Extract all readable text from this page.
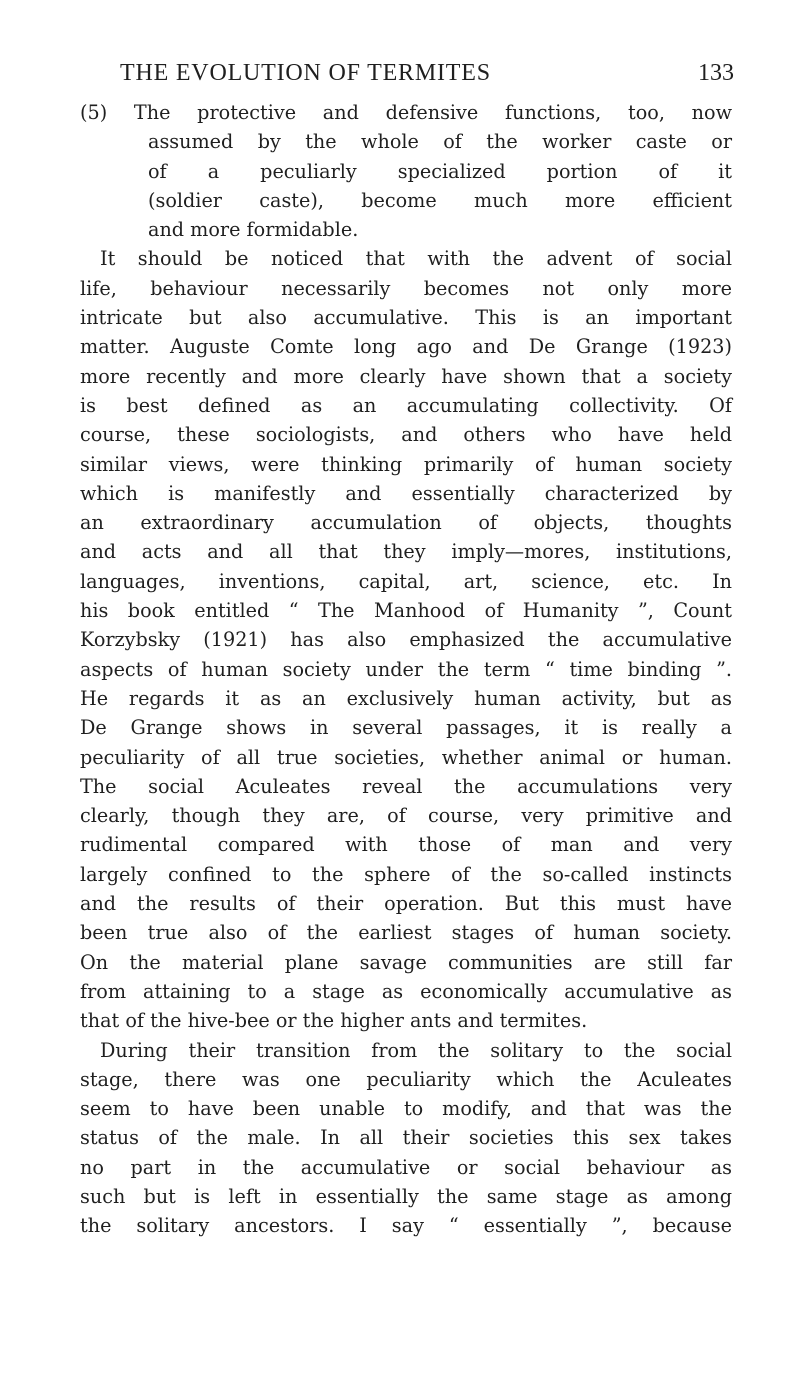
THE EVOLUTION OF TERMITES	133
(5) The protective and defensive functions, too, now
assumed by the whole of the worker caste or
of a peculiarly specialized portion of it
(soldier caste), become much more efficient
and more formidable.
It should be noticed that with the advent of social
life, behaviour necessarily becomes not only more
intricate but also accumulative. This is an important
matter. Auguste Comte long ago and De Grange (1923)
more recently and more clearly have shown that a society
is best defined as an accumulating collectivity. Of
course, these sociologists, and others who have held
similar views, were thinking primarily of human society
which is manifestly and essentially characterized by
an extraordinary accumulation of objects, thoughts
and acts and all that they imply—mores, institutions,
languages, inventions, capital, art, science, etc. In
his book entitled “ The Manhood of Humanity ”, Count
Korzybsky (1921) has also emphasized the accumulative
aspects of human society under the term “ time binding ”.
He regards it as an exclusively human activity, but as
De Grange shows in several passages, it is really a
peculiarity of all true societies, whether animal or human.
The social Aculeates reveal the accumulations very
clearly, though they are, of course, very primitive and
rudimental compared with those of man and very
largely confined to the sphere of the so-called instincts
and the results of their operation. But this must have
been true also of the earliest stages of human society.
On the material plane savage communities are still far
from attaining to a stage as economically accumulative as
that of the hive-bee or the higher ants and termites.
During their transition from the solitary to the social
stage, there was one peculiarity which the Aculeates
seem to have been unable to modify, and that was the
status of the male. In all their societies this sex takes
no part in the accumulative or social behaviour as
such but is left in essentially the same stage as among
the solitary ancestors. I say “ essentially ”, because
